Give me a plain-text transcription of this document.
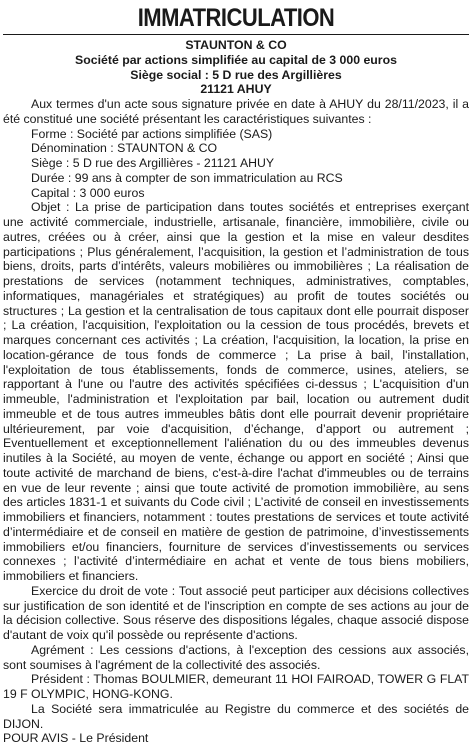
IMMATRICULATION
STAUNTON & CO
Société par actions simplifiée au capital de 3 000 euros
Siège social : 5 D rue des Argillières
21121 AHUY

Aux termes d'un acte sous signature privée en date à AHUY du 28/11/2023, il a été constitué une société présentant les caractéristiques suivantes :

Forme : Société par actions simplifiée (SAS)

Dénomination : STAUNTON & CO

Siège : 5 D rue des Argillières - 21121 AHUY

Durée : 99 ans à compter de son immatriculation au RCS

Capital : 3 000 euros

Objet : La prise de participation dans toutes sociétés et entreprises exerçant une activité commerciale, industrielle, artisanale, financière, immobilière, civile ou autres, créées ou à créer, ainsi que la gestion et la mise en valeur desdites participations ; Plus généralement, l’acquisition, la gestion et l’administration de tous biens, droits, parts d’intérêts, valeurs mobilières ou immobilières ; La réalisation de prestations de services (notamment techniques, administratives, comptables, informatiques, managériales et stratégiques) au profit de toutes sociétés ou structures ; La gestion et la centralisation de tous capitaux dont elle pourrait disposer ; La création, l'acquisition, l'exploitation ou la cession de tous procédés, brevets et marques concernant ces activités ; La création, l'acquisition, la location, la prise en location-gérance de tous fonds de commerce ; La prise à bail, l'installation, l'exploitation de tous établissements, fonds de commerce, usines, ateliers, se rapportant à l'une ou l'autre des activités spécifiées ci-dessus ; L'acquisition d'un immeuble, l'administration et l'exploitation par bail, location ou autrement dudit immeuble et de tous autres immeubles bâtis dont elle pourrait devenir propriétaire ultérieurement, par voie d'acquisition, d’échange, d’apport ou autrement ; Eventuellement et exceptionnellement l'aliénation du ou des immeubles devenus inutiles à la Société, au moyen de vente, échange ou apport en société ; Ainsi que toute activité de marchand de biens, c'est-à-dire l'achat d'immeubles ou de terrains en vue de leur revente ; ainsi que toute activité de promotion immobilière, au sens des articles 1831-1 et suivants du Code civil ; L’activité de conseil en investissements immobiliers et financiers, notamment : toutes prestations de services et toute activité d’intermédiaire et de conseil en matière de gestion de patrimoine, d’investissements immobiliers et/ou financiers, fourniture de services d’investissements ou services connexes ; l’activité d’intermédiaire en achat et vente de tous biens mobiliers, immobiliers et financiers.

Exercice du droit de vote : Tout associé peut participer aux décisions collectives sur justification de son identité et de l'inscription en compte de ses actions au jour de la décision collective. Sous réserve des dispositions légales, chaque associé dispose d'autant de voix qu'il possède ou représente d'actions.

Agrément : Les cessions d'actions, à l'exception des cessions aux associés, sont soumises à l'agrément de la collectivité des associés.

Président : Thomas BOULMIER, demeurant 11 HOI FAIROAD, TOWER G FLAT 19 F OLYMPIC, HONG-KONG.

La Société sera immatriculée au Registre du commerce et des sociétés de DIJON.

POUR AVIS - Le Président
